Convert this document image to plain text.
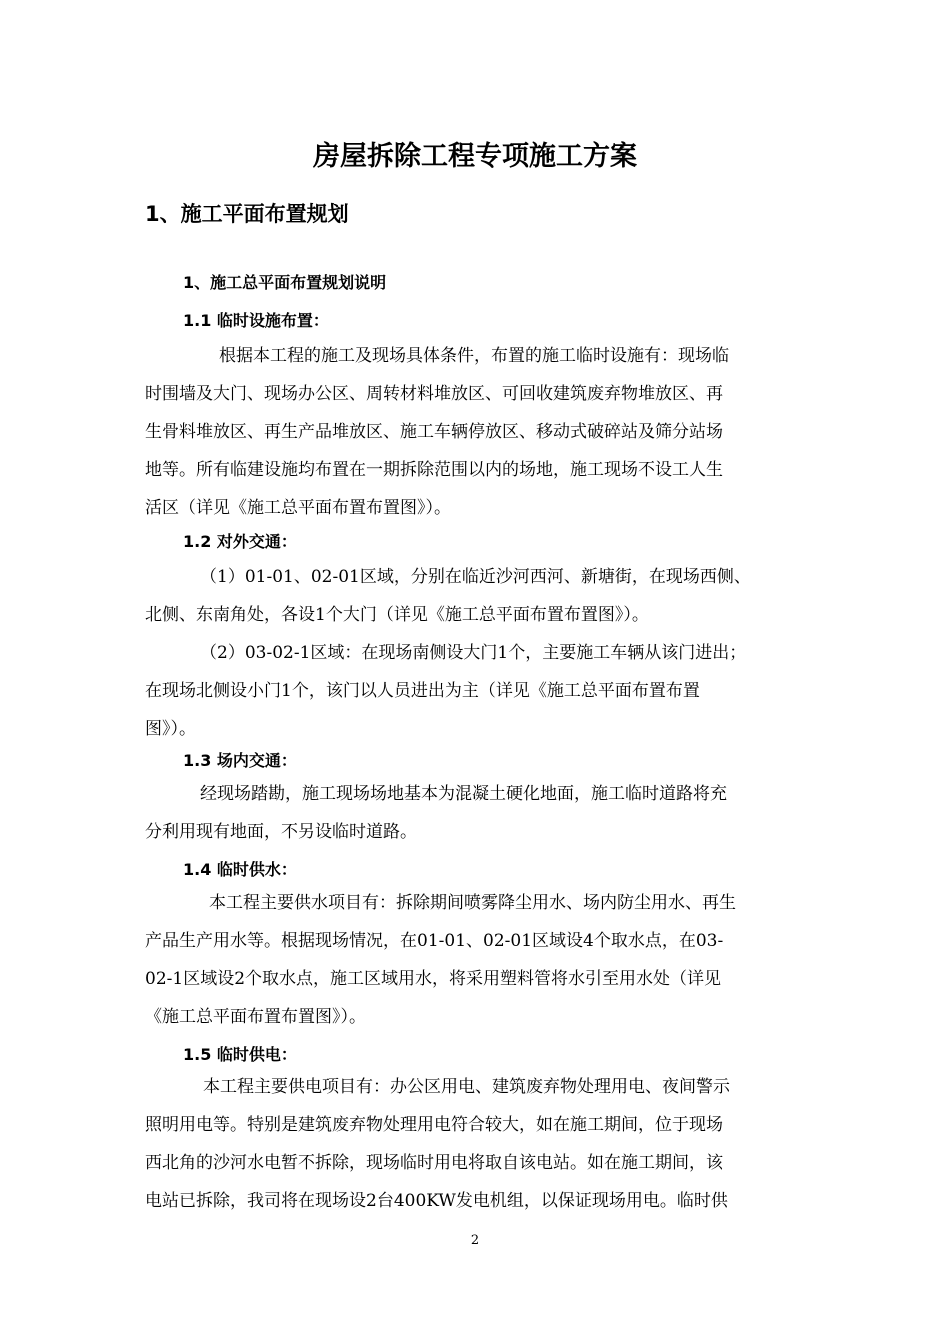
房屋拆除工程专项施工方案
1、施工平面布置规划
1、施工总平面布置规划说明
1.1 临时设施布置：
根据本工程的施工及现场具体条件，布置的施工临时设施有：现场临
时围墙及大门、现场办公区、周转材料堆放区、可回收建筑废弃物堆放区、再
生骨料堆放区、再生产品堆放区、施工车辆停放区、移动式破碎站及筛分站场
地等。所有临建设施均布置在一期拆除范围以内的场地，施工现场不设工人生
活区（详见《施工总平面布置布置图》）。
1.2 对外交通：
（1）01-01、02-01区域，分别在临近沙河西河、新塘街，在现场西侧、
北侧、东南角处，各设1个大门（详见《施工总平面布置布置图》）。
（2）03-02-1区域：在现场南侧设大门1个，主要施工车辆从该门进出；
在现场北侧设小门1个，该门以人员进出为主（详见《施工总平面布置布置
图》）。
1.3 场内交通：
经现场踏勘，施工现场场地基本为混凝土硬化地面，施工临时道路将充
分利用现有地面，不另设临时道路。
1.4 临时供水：
本工程主要供水项目有：拆除期间喷雾降尘用水、场内防尘用水、再生
产品生产用水等。根据现场情况，在01-01、02-01区域设4个取水点，在03-
02-1区域设2个取水点，施工区域用水，将采用塑料管将水引至用水处（详见
《施工总平面布置布置图》）。
1.5 临时供电：
本工程主要供电项目有：办公区用电、建筑废弃物处理用电、夜间警示
照明用电等。特别是建筑废弃物处理用电符合较大，如在施工期间，位于现场
西北角的沙河水电暂不拆除，现场临时用电将取自该电站。如在施工期间，该
电站已拆除，我司将在现场设2台400KW发电机组，以保证现场用电。临时供

2
